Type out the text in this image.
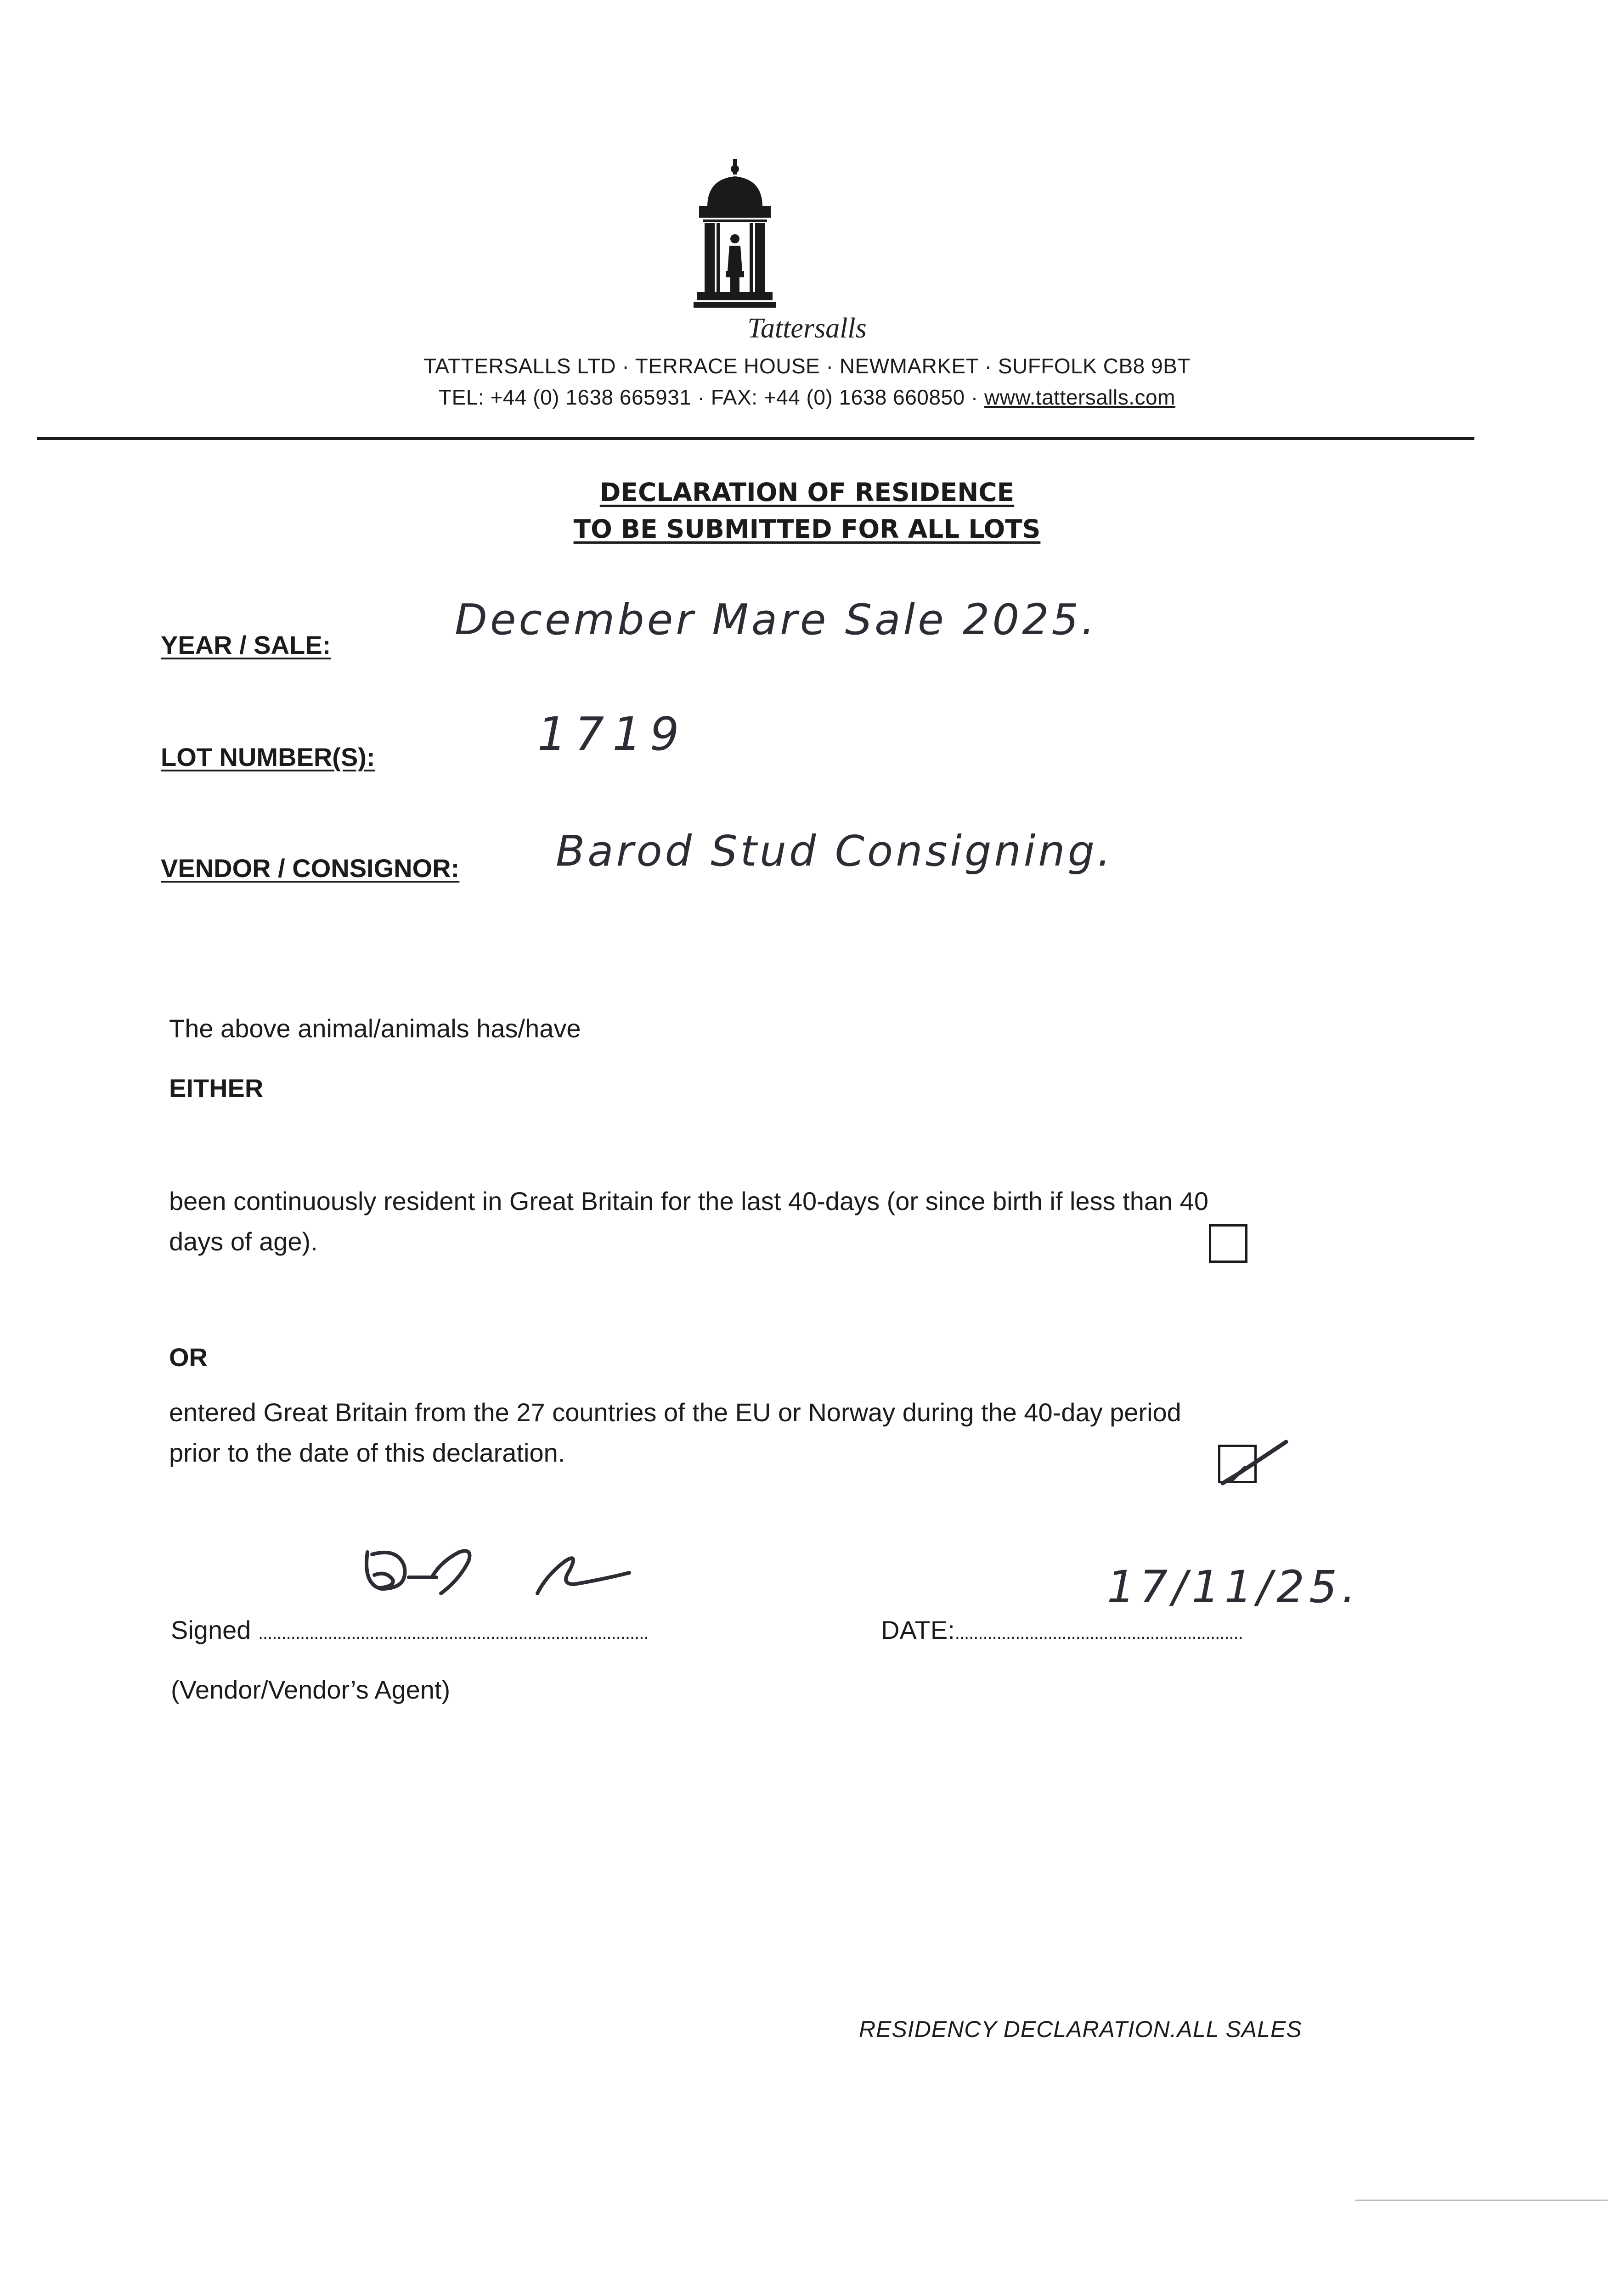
Tattersalls
TATTERSALLS LTD · TERRACE HOUSE · NEWMARKET · SUFFOLK CB8 9BT
TEL: +44 (0) 1638 665931 · FAX: +44 (0) 1638 660850 · www.tattersalls.com
DECLARATION OF RESIDENCE
TO BE SUBMITTED FOR ALL LOTS
YEAR / SALE:
December Mare Sale 2025.
LOT NUMBER(S):	1719
VENDOR / CONSIGNOR: Barod Stud Consigning.
The above animal/animals has/have
EITHER
been continuously resident in Great Britain for the last 40-days (or since birth if less than 40
days of age).
OR
entered Great Britain from the 27 countries of the EU or Norway during the 40-day period
prior to the date of this declaration.
Signed ....................................................................................	DATE:..............................................................
17/11/25.
(Vendor/Vendor’s Agent)
RESIDENCY DECLARATION.ALL SALES
